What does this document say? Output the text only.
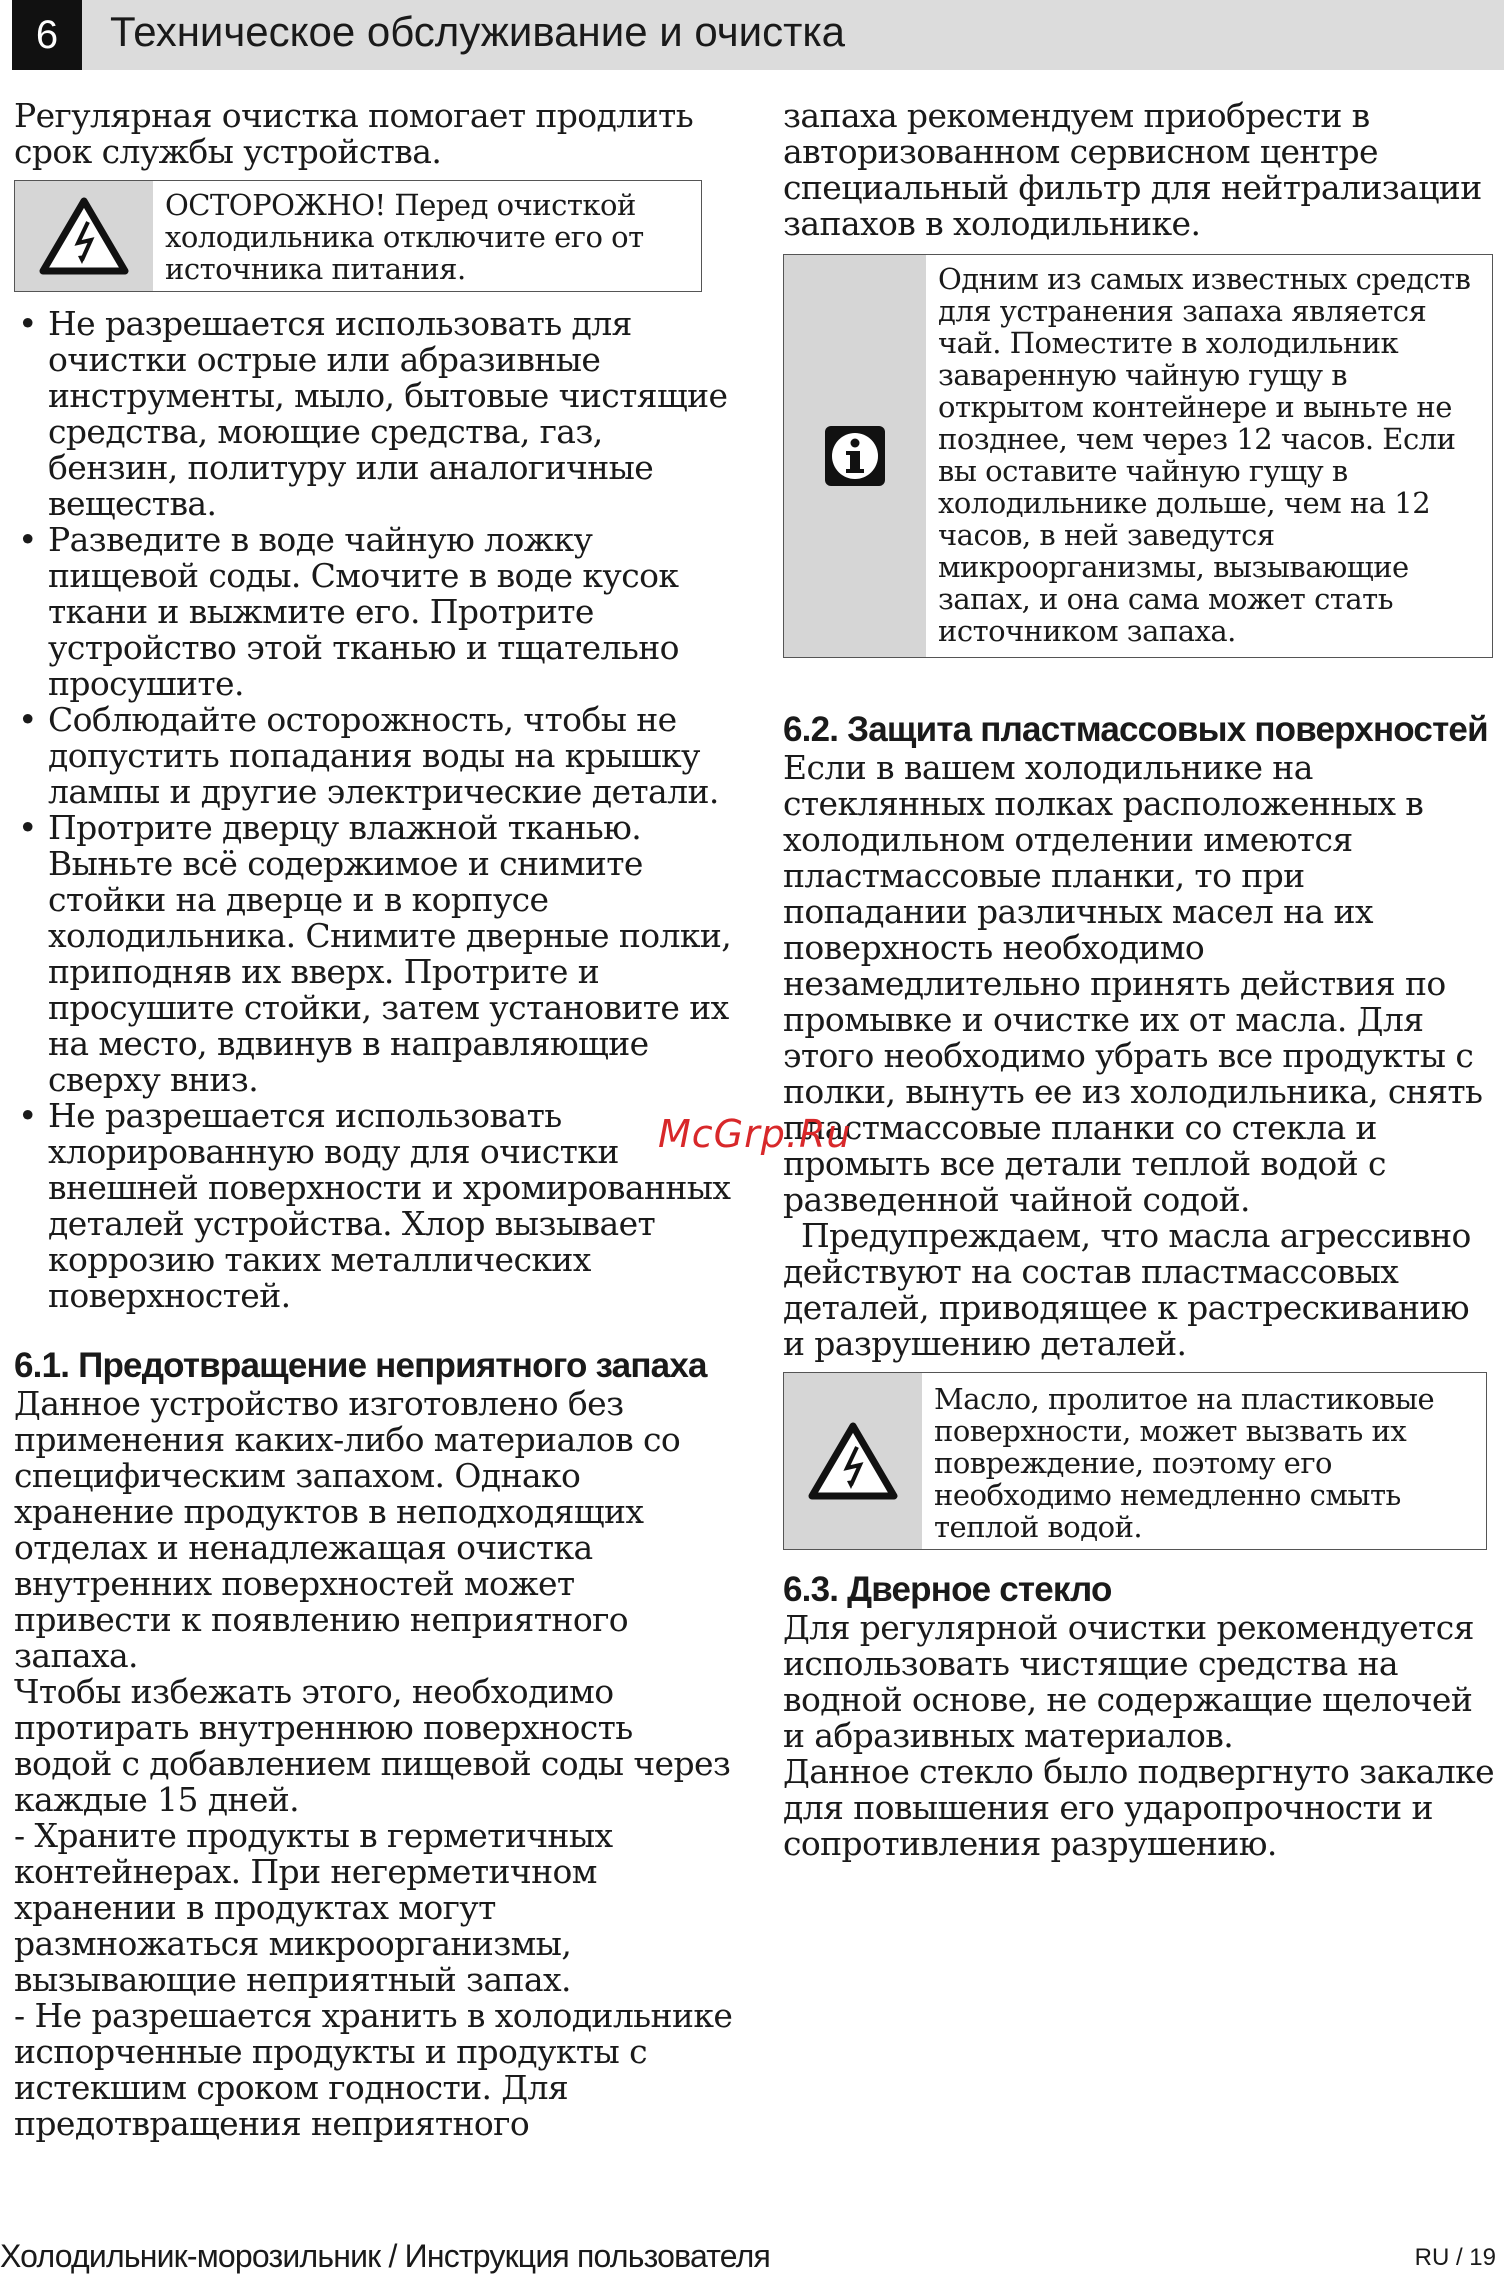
6	Техническое обслуживание и очистка

Регулярная очистка помогает продлить срок службы устройства.

ОСТОРОЖНО! Перед очисткой холодильника отключите его от источника питания.
• Не разрешается использовать для очистки острые или абразивные инструменты, мыло, бытовые чистящие средства, моющие средства, газ, бензин, политуру или аналогичные вещества.
• Разведите в воде чайную ложку пищевой соды. Смочите в воде кусок ткани и выжмите его. Протрите устройство этой тканью и тщательно просушите.
• Соблюдайте осторожность, чтобы не допустить попадания воды на крышку лампы и другие электрические детали.
• Протрите дверцу влажной тканью. Выньте всё содержимое и снимите стойки на дверце и в корпусе холодильника. Снимите дверные полки, приподняв их вверх. Протрите и просушите стойки, затем установите их на место, вдвинув в направляющие сверху вниз.
• Не разрешается использовать хлорированную воду для очистки внешней поверхности и хромированных деталей устройства. Хлор вызывает коррозию таких металлических поверхностей.
6.1. Предотвращение неприятного запаха

Данное устройство изготовлено без применения каких-либо материалов со специфическим запахом. Однако хранение продуктов в неподходящих отделах и ненадлежащая очистка внутренних поверхностей может привести к появлению неприятного запаха.

Чтобы избежать этого, необходимо протирать внутреннюю поверхность водой с добавлением пищевой соды через каждые 15 дней.

- Храните продукты в герметичных контейнерах. При негерметичном хранении в продуктах могут размножаться микроорганизмы, вызывающие неприятный запах.

- Не разрешается хранить в холодильнике испорченные продукты и продукты с истекшим сроком годности. Для предотвращения неприятного

запаха рекомендуем приобрести в авторизованном сервисном центре специальный фильтр для нейтрализации запахов в холодильнике.

Одним из самых известных средств для устранения запаха является чай. Поместите в холодильник заваренную чайную гущу в открытом контейнере и выньте не позднее, чем через 12 часов. Если вы оставите чайную гущу в холодильнике дольше, чем на 12 часов, в ней заведутся микроорганизмы, вызывающие запах, и она сама может стать источником запаха.
6.2. Защита пластмассовых поверхностей

Если в вашем холодильнике на стеклянных полках расположенных в холодильном отделении имеются пластмассовые планки, то при попадании различных масел на их поверхность необходимо незамедлительно принять действия по промывке и очистке их от масла. Для этого необходимо убрать все продукты с полки, вынуть ее из холодильника, снять пластмассовые планки со стекла и промыть все детали теплой водой с разведенной чайной содой.

Предупреждаем, что масла агрессивно действуют на состав пластмассовых деталей, приводящее к растрескиванию и разрушению деталей.

Масло, пролитое на пластиковые поверхности, может вызвать их повреждение, поэтому его необходимо немедленно смыть теплой водой.
6.3. Дверное стекло

Для регулярной очистки рекомендуется использовать чистящие средства на водной основе, не содержащие щелочей и абразивных материалов.

Данное стекло было подвергнуто закалке для повышения его ударопрочности и сопротивления разрушению.

McGrp.Ru
Холодильник-морозильник / Инструкция пользователя	RU / 19
